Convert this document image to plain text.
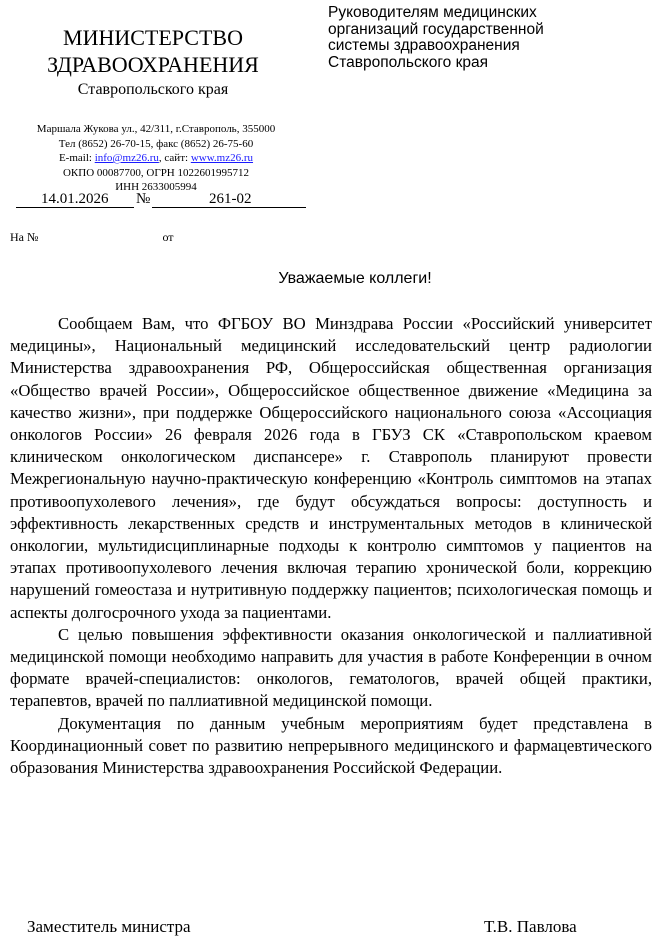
МИНИСТЕРСТВО
ЗДРАВООХРАНЕНИЯ
Ставропольского края
Маршала Жукова ул., 42/311, г.Ставрополь, 355000
Тел (8652) 26-70-15, факс (8652) 26-75-60
E-mail: info@mz26.ru, сайт: www.mz26.ru
ОКПО 00087700, ОГРН 1022601995712
ИНН 2633005994
14.01.2026 №	261-02
Руководителям медицинских
организаций государственной
системы здравоохранения
Ставропольского края
На №	от
Уважаемые коллеги!

Сообщаем Вам, что ФГБОУ ВО Минздрава России «Российский университет медицины», Национальный медицинский исследовательский центр радиологии Министерства здравоохранения РФ, Общероссийская общественная организация «Общество врачей России», Общероссийское общественное движение «Медицина за качество жизни», при поддержке Общероссийского национального союза «Ассоциация онкологов России» 26 февраля 2026 года в ГБУЗ СК «Ставропольском краевом клиническом онкологическом диспансере» г. Ставрополь планируют провести Межрегиональную научно-практическую конференцию «Контроль симптомов на этапах противоопухолевого лечения», где будут обсуждаться вопросы: доступность и эффективность лекарственных средств и инструментальных методов в клинической онкологии, мультидисциплинарные подходы к контролю симптомов у пациентов на этапах противоопухолевого лечения включая терапию хронической боли, коррекцию нарушений гомеостаза и нутритивную поддержку пациентов; психологическая помощь и аспекты долгосрочного ухода за пациентами.

С целью повышения эффективности оказания онкологической и паллиативной медицинской помощи необходимо направить для участия в работе Конференции в очном формате врачей-специалистов: онкологов, гематологов, врачей общей практики, терапевтов, врачей по паллиативной медицинской помощи.

Документация по данным учебным мероприятиям будет представлена в Координационный совет по развитию непрерывного медицинского и фармацевтического образования Министерства здравоохранения Российской Федерации.

Заместитель министра	Т.В. Павлова
